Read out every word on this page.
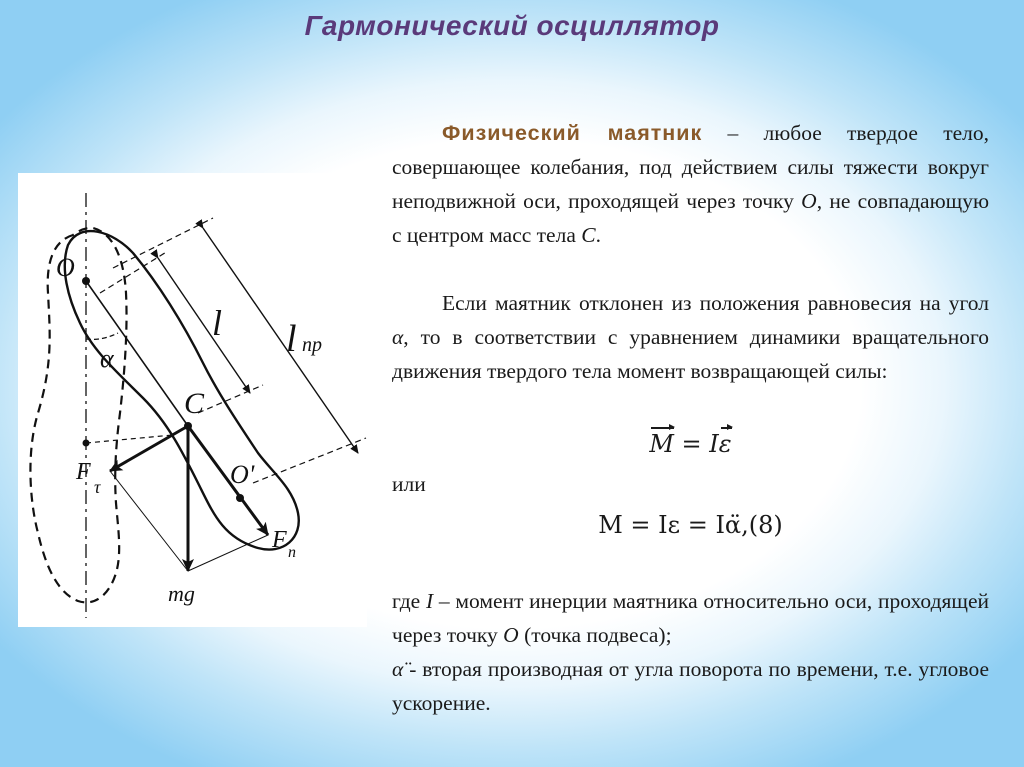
Гармонический осциллятор
O
α
l l np
C
O'
F
τ
F n
mg
Физический маятник – любое твердое тело, совершающее колебания, под действием силы тяжести вокруг неподвижной оси, проходящей через точку О, не совпадающую с центром масс тела С.
Если маятник отклонен из положения равновесия на угол α, то в соответствии с уравнением динамики вращательного движения твердого тела момент возвращающей силы:
M = Iε
или
M = Iε = Iα̈,(8)
где I – момент инерции маятника относительно оси, проходящей через точку О (точка подвеса);
α̈ - вторая производная от угла поворота по времени, т.е. угловое ускорение.
